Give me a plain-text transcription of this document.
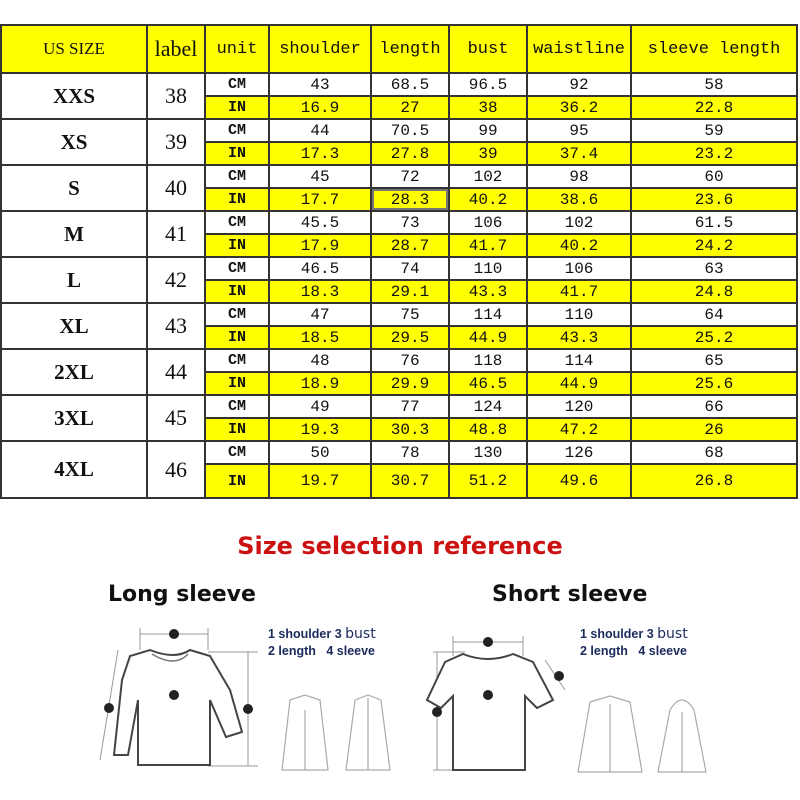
US SIZE	label	unit	shoulder	length	bust	waistline	sleeve length
XXS	38	CM	43	68.5	96.5	92	58
		IN	16.9	27	38	36.2	22.8
XS	39	CM	44	70.5	99	95	59
		IN	17.3	27.8	39	37.4	23.2
S	40	CM	45	72	102	98	60
		IN	17.7	28.3	40.2	38.6	23.6
M	41	CM	45.5	73	106	102	61.5
		IN	17.9	28.7	41.7	40.2	24.2
L	42	CM	46.5	74	110	106	63
		IN	18.3	29.1	43.3	41.7	24.8
XL	43	CM	47	75	114	110	64
		IN	18.5	29.5	44.9	43.3	25.2
2XL	44	CM	48	76	118	114	65
		IN	18.9	29.9	46.5	44.9	25.6
3XL	45	CM	49	77	124	120	66
		IN	19.3	30.3	48.8	47.2	26
4XL	46	CM	50	78	130	126	68
		IN	19.7	30.7	51.2	49.6	26.8
Size selection reference
Long sleeve	Short sleeve
1 shoulder 3 bust
2 length 4 sleeve
1 shoulder 3 bust
2 length 4 sleeve
